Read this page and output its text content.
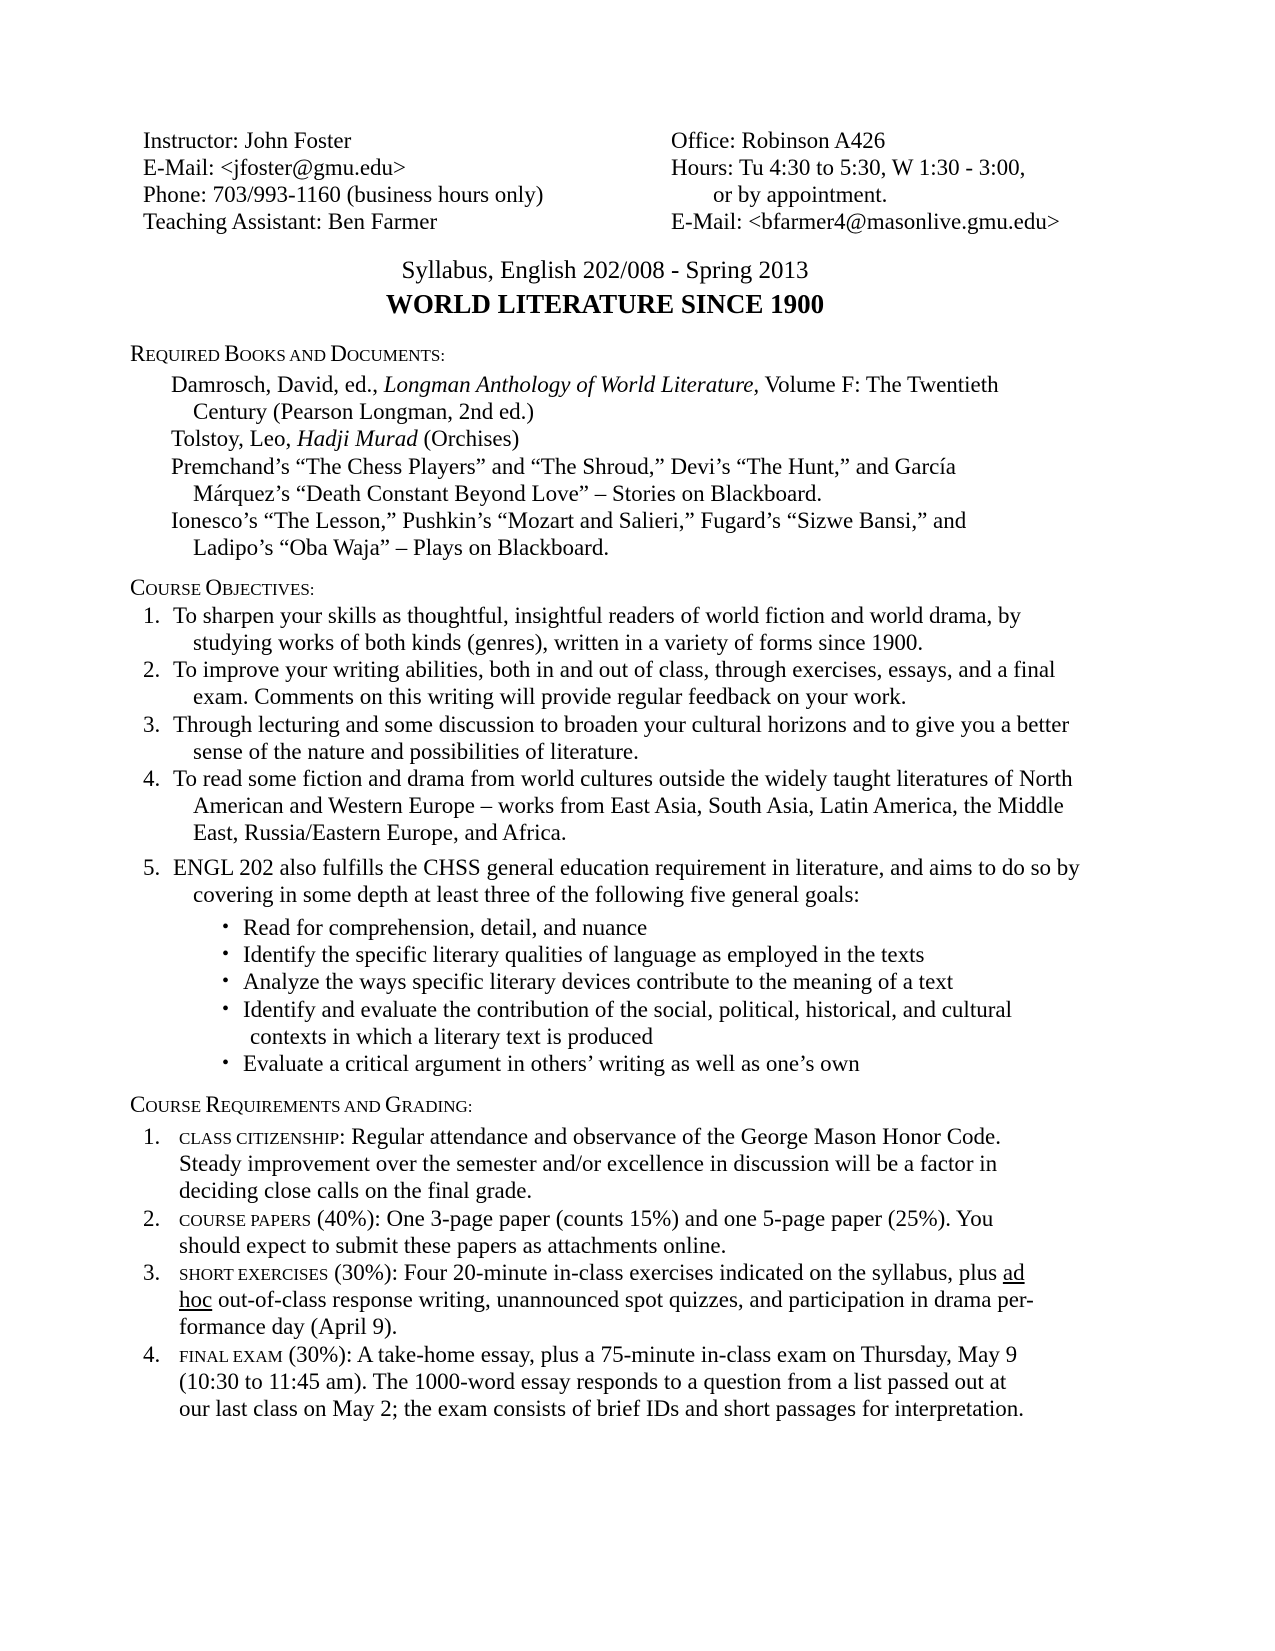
Instructor: John Foster
E-Mail: <jfoster@gmu.edu>
Phone: 703/993-1160 (business hours only)
Teaching Assistant: Ben Farmer
Office: Robinson A426
Hours: Tu 4:30 to 5:30, W 1:30 - 3:00,
or by appointment.
E-Mail: <bfarmer4@masonlive.gmu.edu>
Syllabus, English 202/008 - Spring 2013
WORLD LITERATURE SINCE 1900
REQUIRED BOOKS AND DOCUMENTS:
Damrosch, David, ed., Longman Anthology of World Literature, Volume F: The Twentieth
Century (Pearson Longman, 2nd ed.)
Tolstoy, Leo, Hadji Murad (Orchises)
Premchand’s “The Chess Players” and “The Shroud,” Devi’s “The Hunt,” and García
Márquez’s “Death Constant Beyond Love” – Stories on Blackboard.
Ionesco’s “The Lesson,” Pushkin’s “Mozart and Salieri,” Fugard’s “Sizwe Bansi,” and
Ladipo’s “Oba Waja” – Plays on Blackboard.
COURSE OBJECTIVES:
1. To sharpen your skills as thoughtful, insightful readers of world fiction and world drama, by
studying works of both kinds (genres), written in a variety of forms since 1900.
2. To improve your writing abilities, both in and out of class, through exercises, essays, and a final
exam. Comments on this writing will provide regular feedback on your work.
3. Through lecturing and some discussion to broaden your cultural horizons and to give you a better
sense of the nature and possibilities of literature.
4. To read some fiction and drama from world cultures outside the widely taught literatures of North
American and Western Europe – works from East Asia, South Asia, Latin America, the Middle
East, Russia/Eastern Europe, and Africa.
5. ENGL 202 also fulfills the CHSS general education requirement in literature, and aims to do so by
covering in some depth at least three of the following five general goals:
• Read for comprehension, detail, and nuance
• Identify the specific literary qualities of language as employed in the texts
• Analyze the ways specific literary devices contribute to the meaning of a text
• Identify and evaluate the contribution of the social, political, historical, and cultural
contexts in which a literary text is produced
• Evaluate a critical argument in others’ writing as well as one’s own
COURSE REQUIREMENTS AND GRADING:
1. CLASS CITIZENSHIP: Regular attendance and observance of the George Mason Honor Code.
Steady improvement over the semester and/or excellence in discussion will be a factor in
deciding close calls on the final grade.
2. COURSE PAPERS (40%): One 3-page paper (counts 15%) and one 5-page paper (25%). You
should expect to submit these papers as attachments online.
3. SHORT EXERCISES (30%): Four 20-minute in-class exercises indicated on the syllabus, plus ad
hoc out-of-class response writing, unannounced spot quizzes, and participation in drama per-
formance day (April 9).
4. FINAL EXAM (30%): A take-home essay, plus a 75-minute in-class exam on Thursday, May 9
(10:30 to 11:45 am). The 1000-word essay responds to a question from a list passed out at
our last class on May 2; the exam consists of brief IDs and short passages for interpretation.
